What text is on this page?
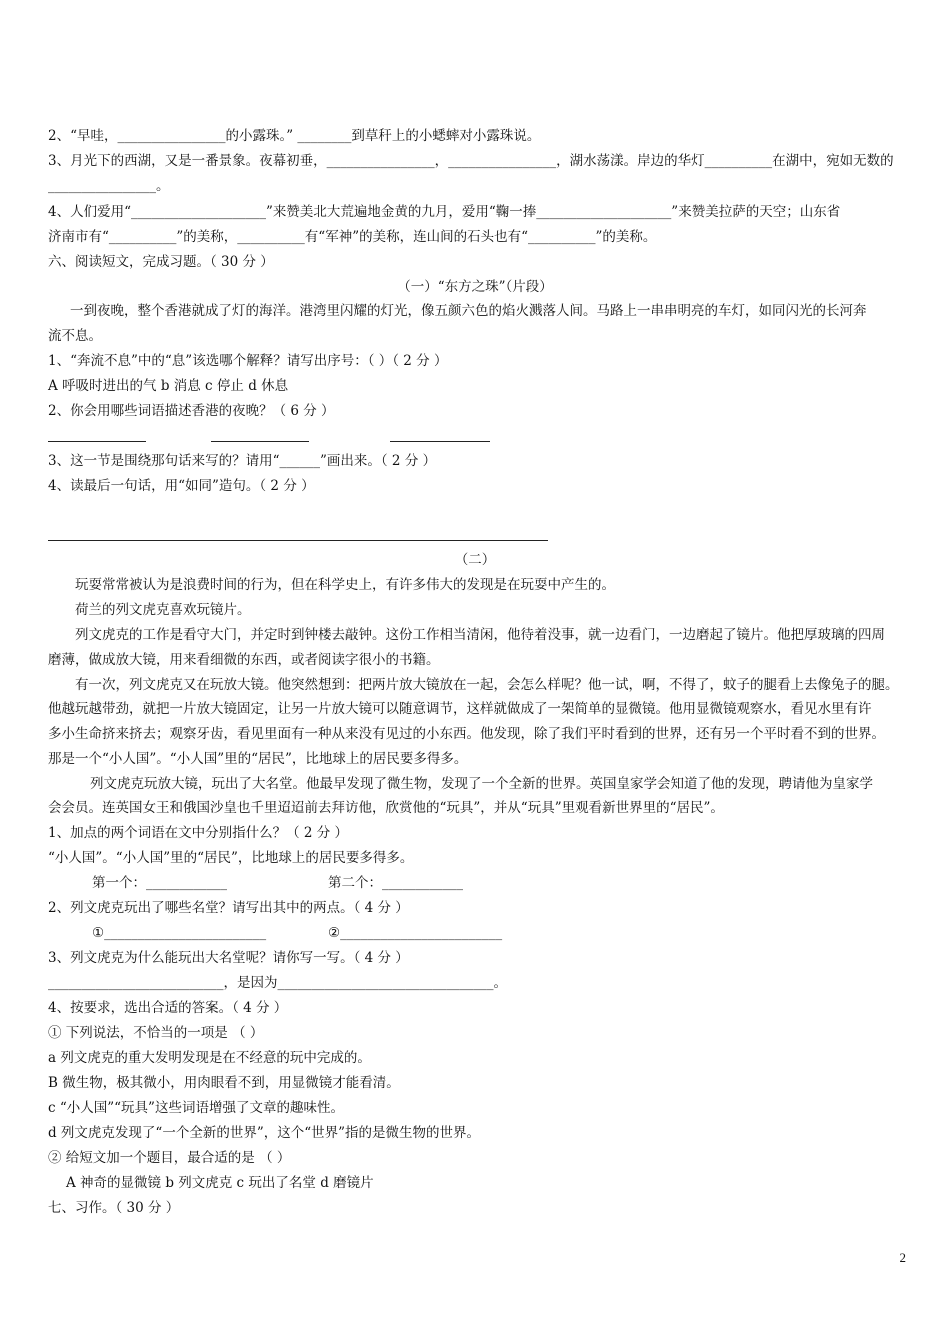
2、“早哇，________________的小露珠。” ________到草秆上的小蟋蟀对小露珠说。
3、月光下的西湖，又是一番景象。夜幕初垂，________________，________________，湖水荡漾。岸边的华灯__________在湖中，宛如无数的
________________。
4、人们爱用“____________________”来赞美北大荒遍地金黄的九月，爱用“鞠一捧____________________”来赞美拉萨的天空；山东省
济南市有“__________”的美称，__________有“军神”的美称，连山间的石头也有“__________”的美称。
六、阅读短文，完成习题。（ 30 分 ）
（一）“东方之珠”（片段）
一到夜晚，整个香港就成了灯的海洋。港湾里闪耀的灯光，像五颜六色的焰火溅落人间。马路上一串串明亮的车灯，如同闪光的长河奔
流不息。
1、“奔流不息”中的“息”该选哪个解释？请写出序号：（ ）（ 2 分 ）
A 呼吸时进出的气 b 消息 c 停止 d 休息
2、你会用哪些词语描述香港的夜晚？（ 6 分 ）
3、这一节是围绕那句话来写的？请用“______”画出来。（ 2 分 ）
4、读最后一句话，用“如同”造句。（ 2 分 ）
（二）
玩耍常常被认为是浪费时间的行为，但在科学史上，有许多伟大的发现是在玩耍中产生的。
荷兰的列文虎克喜欢玩镜片。
列文虎克的工作是看守大门，并定时到钟楼去敲钟。这份工作相当清闲，他待着没事，就一边看门，一边磨起了镜片。他把厚玻璃的四周
磨薄，做成放大镜，用来看细微的东西，或者阅读字很小的书籍。
有一次，列文虎克又在玩放大镜。他突然想到：把两片放大镜放在一起，会怎么样呢？他一试，啊，不得了，蚊子的腿看上去像兔子的腿。
他越玩越带劲，就把一片放大镜固定，让另一片放大镜可以随意调节，这样就做成了一架简单的显微镜。他用显微镜观察水，看见水里有许
多小生命挤来挤去；观察牙齿，看见里面有一种从来没有见过的小东西。他发现，除了我们平时看到的世界，还有另一个平时看不到的世界。
那是一个“小人国”。“小人国”里的“居民”，比地球上的居民要多得多。
列文虎克玩放大镜，玩出了大名堂。他最早发现了微生物，发现了一个全新的世界。英国皇家学会知道了他的发现，聘请他为皇家学
会会员。连英国女王和俄国沙皇也千里迢迢前去拜访他，欣赏他的“玩具”，并从“玩具”里观看新世界里的“居民”。
1、加点的两个词语在文中分别指什么？（ 2 分 ）
“小人国”。“小人国”里的“居民”，比地球上的居民要多得多。
第一个：____________	第二个：____________
2、列文虎克玩出了哪些名堂？请写出其中的两点。（ 4 分 ）
①________________________	②________________________
3、列文虎克为什么能玩出大名堂呢？请你写一写。（ 4 分 ）
__________________________，是因为________________________________。
4、按要求，选出合适的答案。（ 4 分 ）
① 下列说法，不恰当的一项是 （ ）
a 列文虎克的重大发明发现是在不经意的玩中完成的。
B 微生物，极其微小，用肉眼看不到，用显微镜才能看清。
c “小人国”“玩具”这些词语增强了文章的趣味性。
d 列文虎克发现了“一个全新的世界”，这个“世界”指的是微生物的世界。
② 给短文加一个题目，最合适的是 （ ）
A 神奇的显微镜 b 列文虎克 c 玩出了名堂 d 磨镜片
七、习作。（ 30 分 ）
2
